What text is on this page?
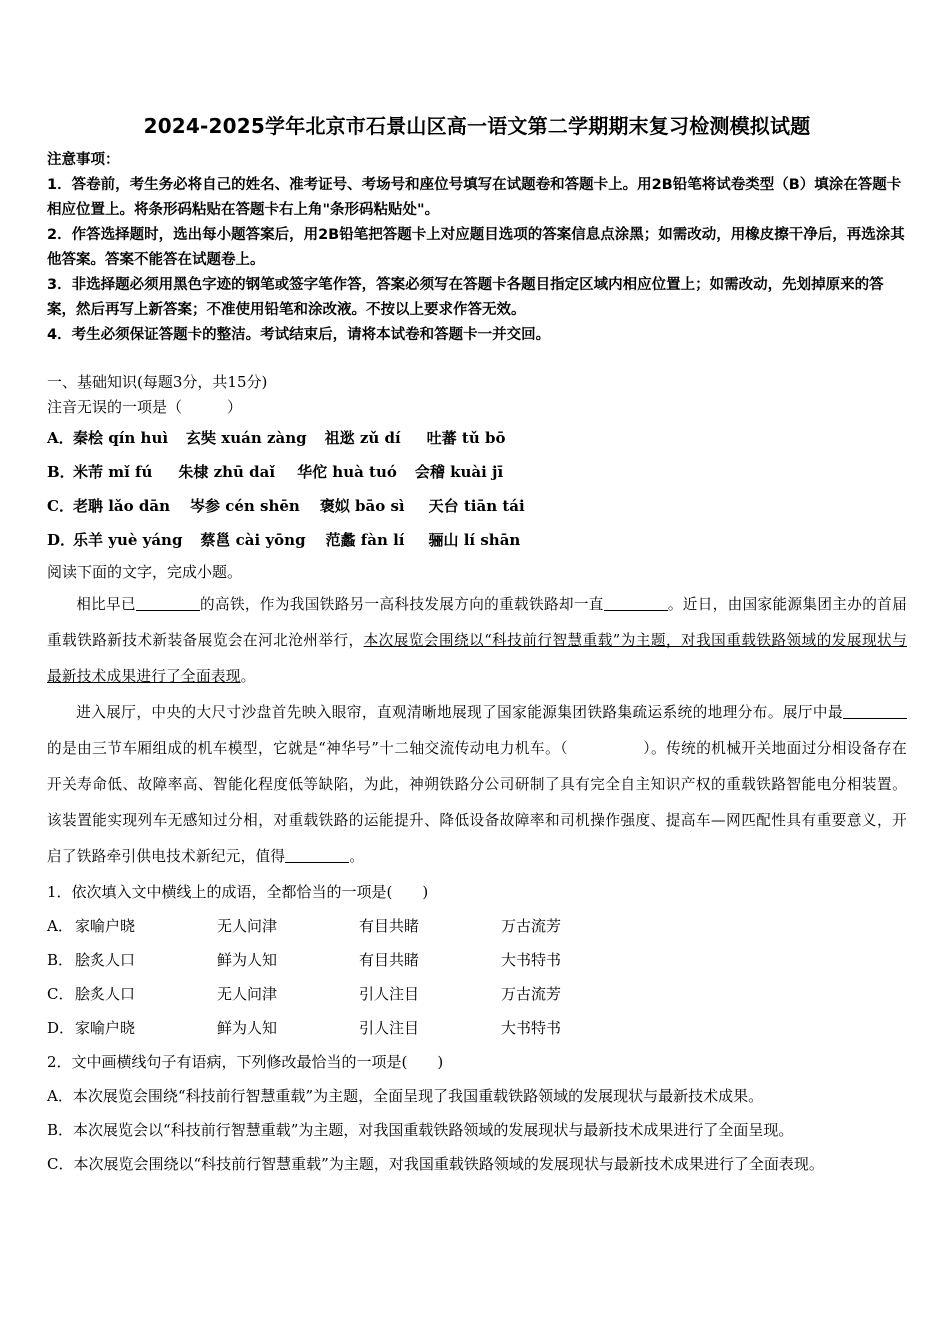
2024-2025学年北京市石景山区高一语文第二学期期末复习检测模拟试题

注意事项：

1．答卷前，考生务必将自己的姓名、准考证号、考场号和座位号填写在试题卷和答题卡上。用2B铅笔将试卷类型（B）填涂在答题卡相应位置上。将条形码粘贴在答题卡右上角"条形码粘贴处"。

2．作答选择题时，选出每小题答案后，用2B铅笔把答题卡上对应题目选项的答案信息点涂黑；如需改动，用橡皮擦干净后，再选涂其他答案。答案不能答在试题卷上。

3．非选择题必须用黑色字迹的钢笔或签字笔作答，答案必须写在答题卡各题目指定区域内相应位置上；如需改动，先划掉原来的答案，然后再写上新答案；不准使用铅笔和涂改液。不按以上要求作答无效。

4．考生必须保证答题卡的整洁。考试结束后，请将本试卷和答题卡一并交回。

一、基础知识(每题3分，共15分)
注音无误的一项是（　　　）
A．秦桧 qín huì 玄奘 xuán zàng 祖逖 zǔ dí 吐蕃 tǔ bō
B．米芾 mǐ fú 朱棣 zhū daǐ 华佗 huà tuó 会稽 kuài jī
C．老聃 lǎo dān 岑参 cén shēn 褒姒 bāo sì 天台 tiān tái
D．乐羊 yuè yáng 蔡邕 cài yōng 范蠡 fàn lí 骊山 lí shān
阅读下面的文字，完成小题。

相比早已	的高铁，作为我国铁路另一高科技发展方向的重载铁路却一直	。近日，由国家能源集团主办的首届重载铁路新技术新装备展览会在河北沧州举行，本次展览会围绕以“科技前行智慧重载”为主题，对我国重载铁路领域的发展现状与最新技术成果进行了全面表现。

进入展厅，中央的大尺寸沙盘首先映入眼帘，直观清晰地展现了国家能源集团铁路集疏运系统的地理分布。展厅中最的是由三节车厢组成的机车模型，它就是“神华号”十二轴交流传动电力机车。（　　　　　）。传统的机械开关地面过分相设备存在开关寿命低、故障率高、智能化程度低等缺陷，为此，神朔铁路分公司研制了具有完全自主知识产权的重载铁路智能电分相装置。该装置能实现列车无感知过分相，对重载铁路的运能提升、降低设备故障率和司机操作强度、提高车—网匹配性具有重要意义，开启了铁路牵引供电技术新纪元，值得	。

1．依次填入文中横线上的成语，全都恰当的一项是(　　)
A． 家喻户晓	无人问津	有目共睹	万古流芳
B． 脍炙人口	鲜为人知	有目共睹	大书特书
C． 脍炙人口	无人问津	引人注目	万古流芳
D．家喻户晓	鲜为人知	引人注目	大书特书
2．文中画横线句子有语病，下列修改最恰当的一项是(　　)
A．本次展览会围绕“科技前行智慧重载”为主题，全面呈现了我国重载铁路领域的发展现状与最新技术成果。
B．本次展览会以“科技前行智慧重载”为主题，对我国重载铁路领域的发展现状与最新技术成果进行了全面呈现。
C．本次展览会围绕以“科技前行智慧重载”为主题，对我国重载铁路领域的发展现状与最新技术成果进行了全面表现。
